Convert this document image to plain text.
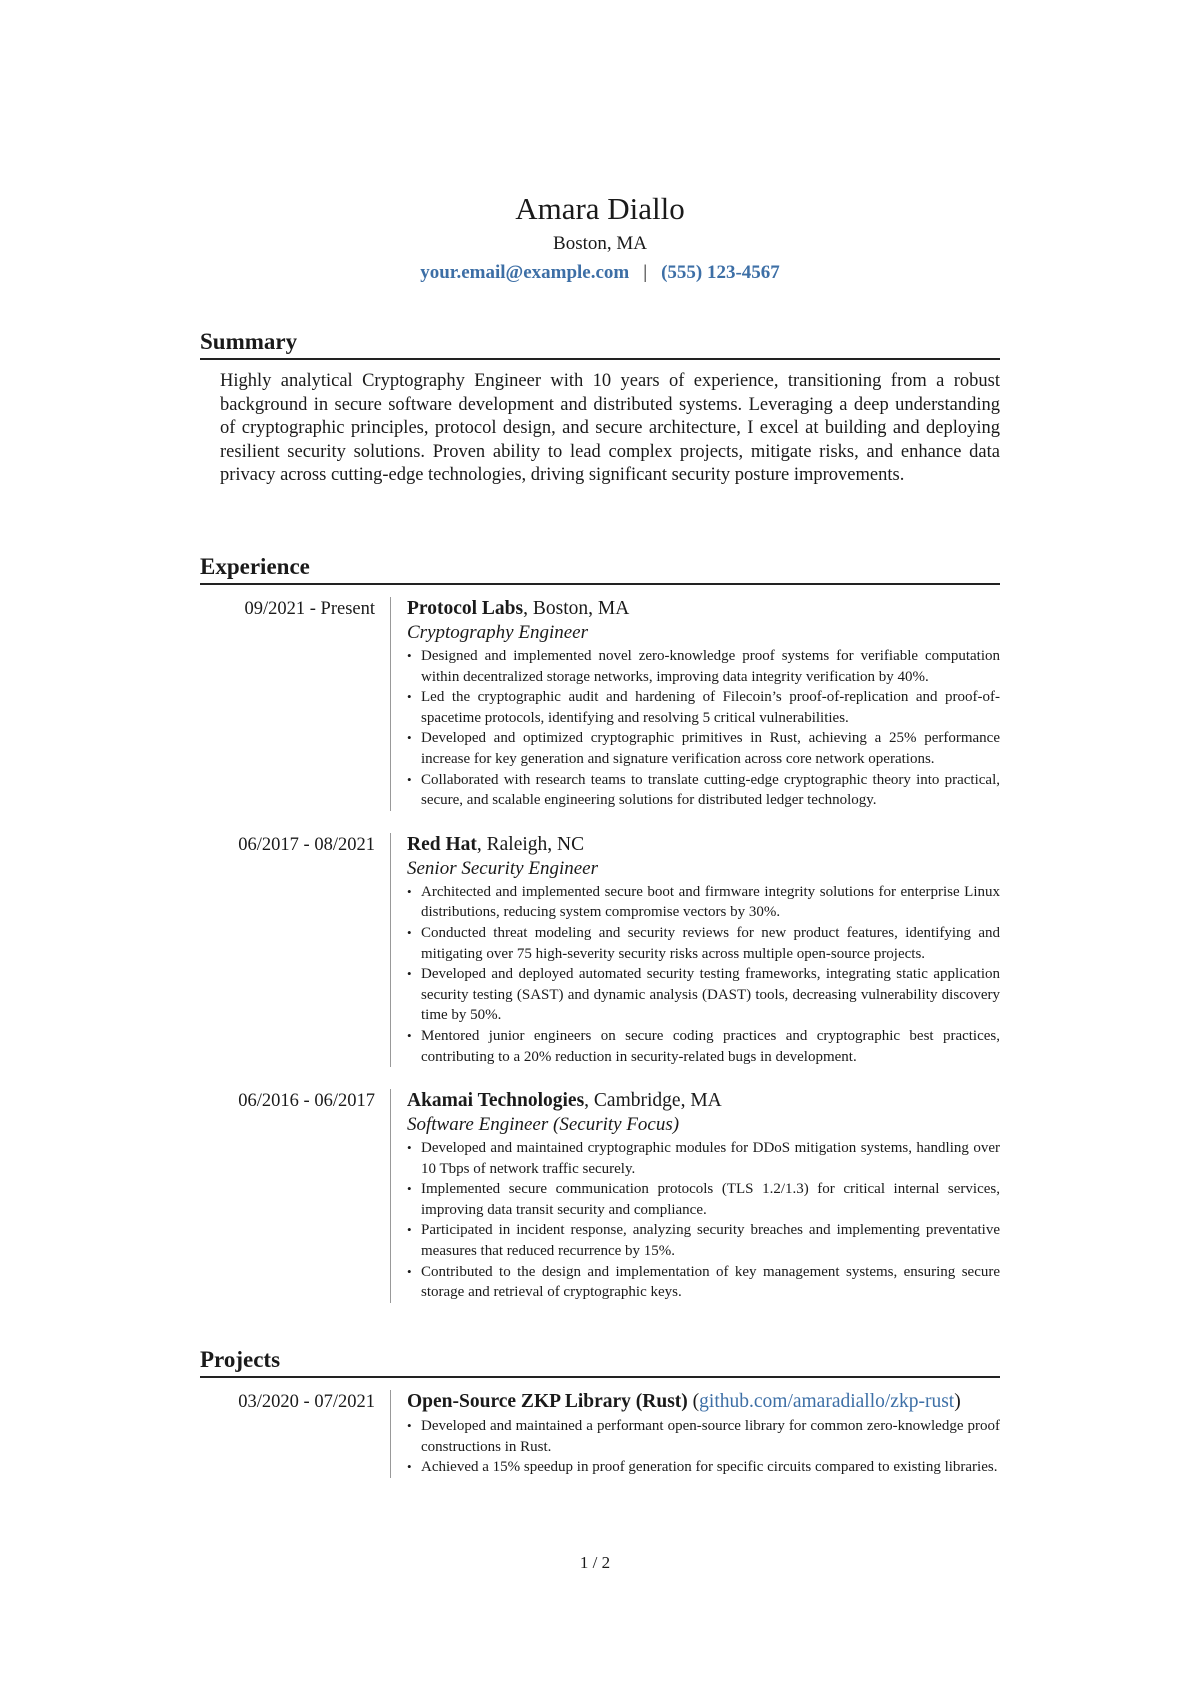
Amara Diallo
Boston, MA
your.email@example.com | (555) 123-4567
Summary

Highly analytical Cryptography Engineer with 10 years of experience, transitioning from a robust background in secure software development and distributed systems. Leveraging a deep understanding of cryptographic principles, protocol design, and secure architecture, I excel at building and deploying resilient security solutions. Proven ability to lead complex projects, mitigate risks, and enhance data privacy across cutting-edge technologies, driving significant security posture improvements.

Experience
09/2021 - Present	Protocol Labs, Boston, MA
Cryptography Engineer
• Designed and implemented novel zero-knowledge proof systems for verifiable computation within decentralized storage networks, improving data integrity verification by 40%.
• Led the cryptographic audit and hardening of Filecoin’s proof-of-replication and proof-of-spacetime protocols, identifying and resolving 5 critical vulnerabilities.
• Developed and optimized cryptographic primitives in Rust, achieving a 25% performance increase for key generation and signature verification across core network operations.
• Collaborated with research teams to translate cutting-edge cryptographic theory into practical, secure, and scalable engineering solutions for distributed ledger technology.
06/2017 - 08/2021	Red Hat, Raleigh, NC
Senior Security Engineer
• Architected and implemented secure boot and firmware integrity solutions for enterprise Linux distributions, reducing system compromise vectors by 30%.
• Conducted threat modeling and security reviews for new product features, identifying and mitigating over 75 high-severity security risks across multiple open-source projects.
• Developed and deployed automated security testing frameworks, integrating static application security testing (SAST) and dynamic analysis (DAST) tools, decreasing vulnerability discovery time by 50%.
• Mentored junior engineers on secure coding practices and cryptographic best practices, contributing to a 20% reduction in security-related bugs in development.
06/2016 - 06/2017	Akamai Technologies, Cambridge, MA
Software Engineer (Security Focus)
• Developed and maintained cryptographic modules for DDoS mitigation systems, handling over 10 Tbps of network traffic securely.
• Implemented secure communication protocols (TLS 1.2/1.3) for critical internal services, improving data transit security and compliance.
• Participated in incident response, analyzing security breaches and implementing preventative measures that reduced recurrence by 15%.
• Contributed to the design and implementation of key management systems, ensuring secure storage and retrieval of cryptographic keys.
Projects
03/2020 - 07/2021	Open-Source ZKP Library (Rust) (github.com/amaradiallo/zkp-rust)
• Developed and maintained a performant open-source library for common zero-knowledge proof constructions in Rust.
• Achieved a 15% speedup in proof generation for specific circuits compared to existing libraries.
1 / 2
